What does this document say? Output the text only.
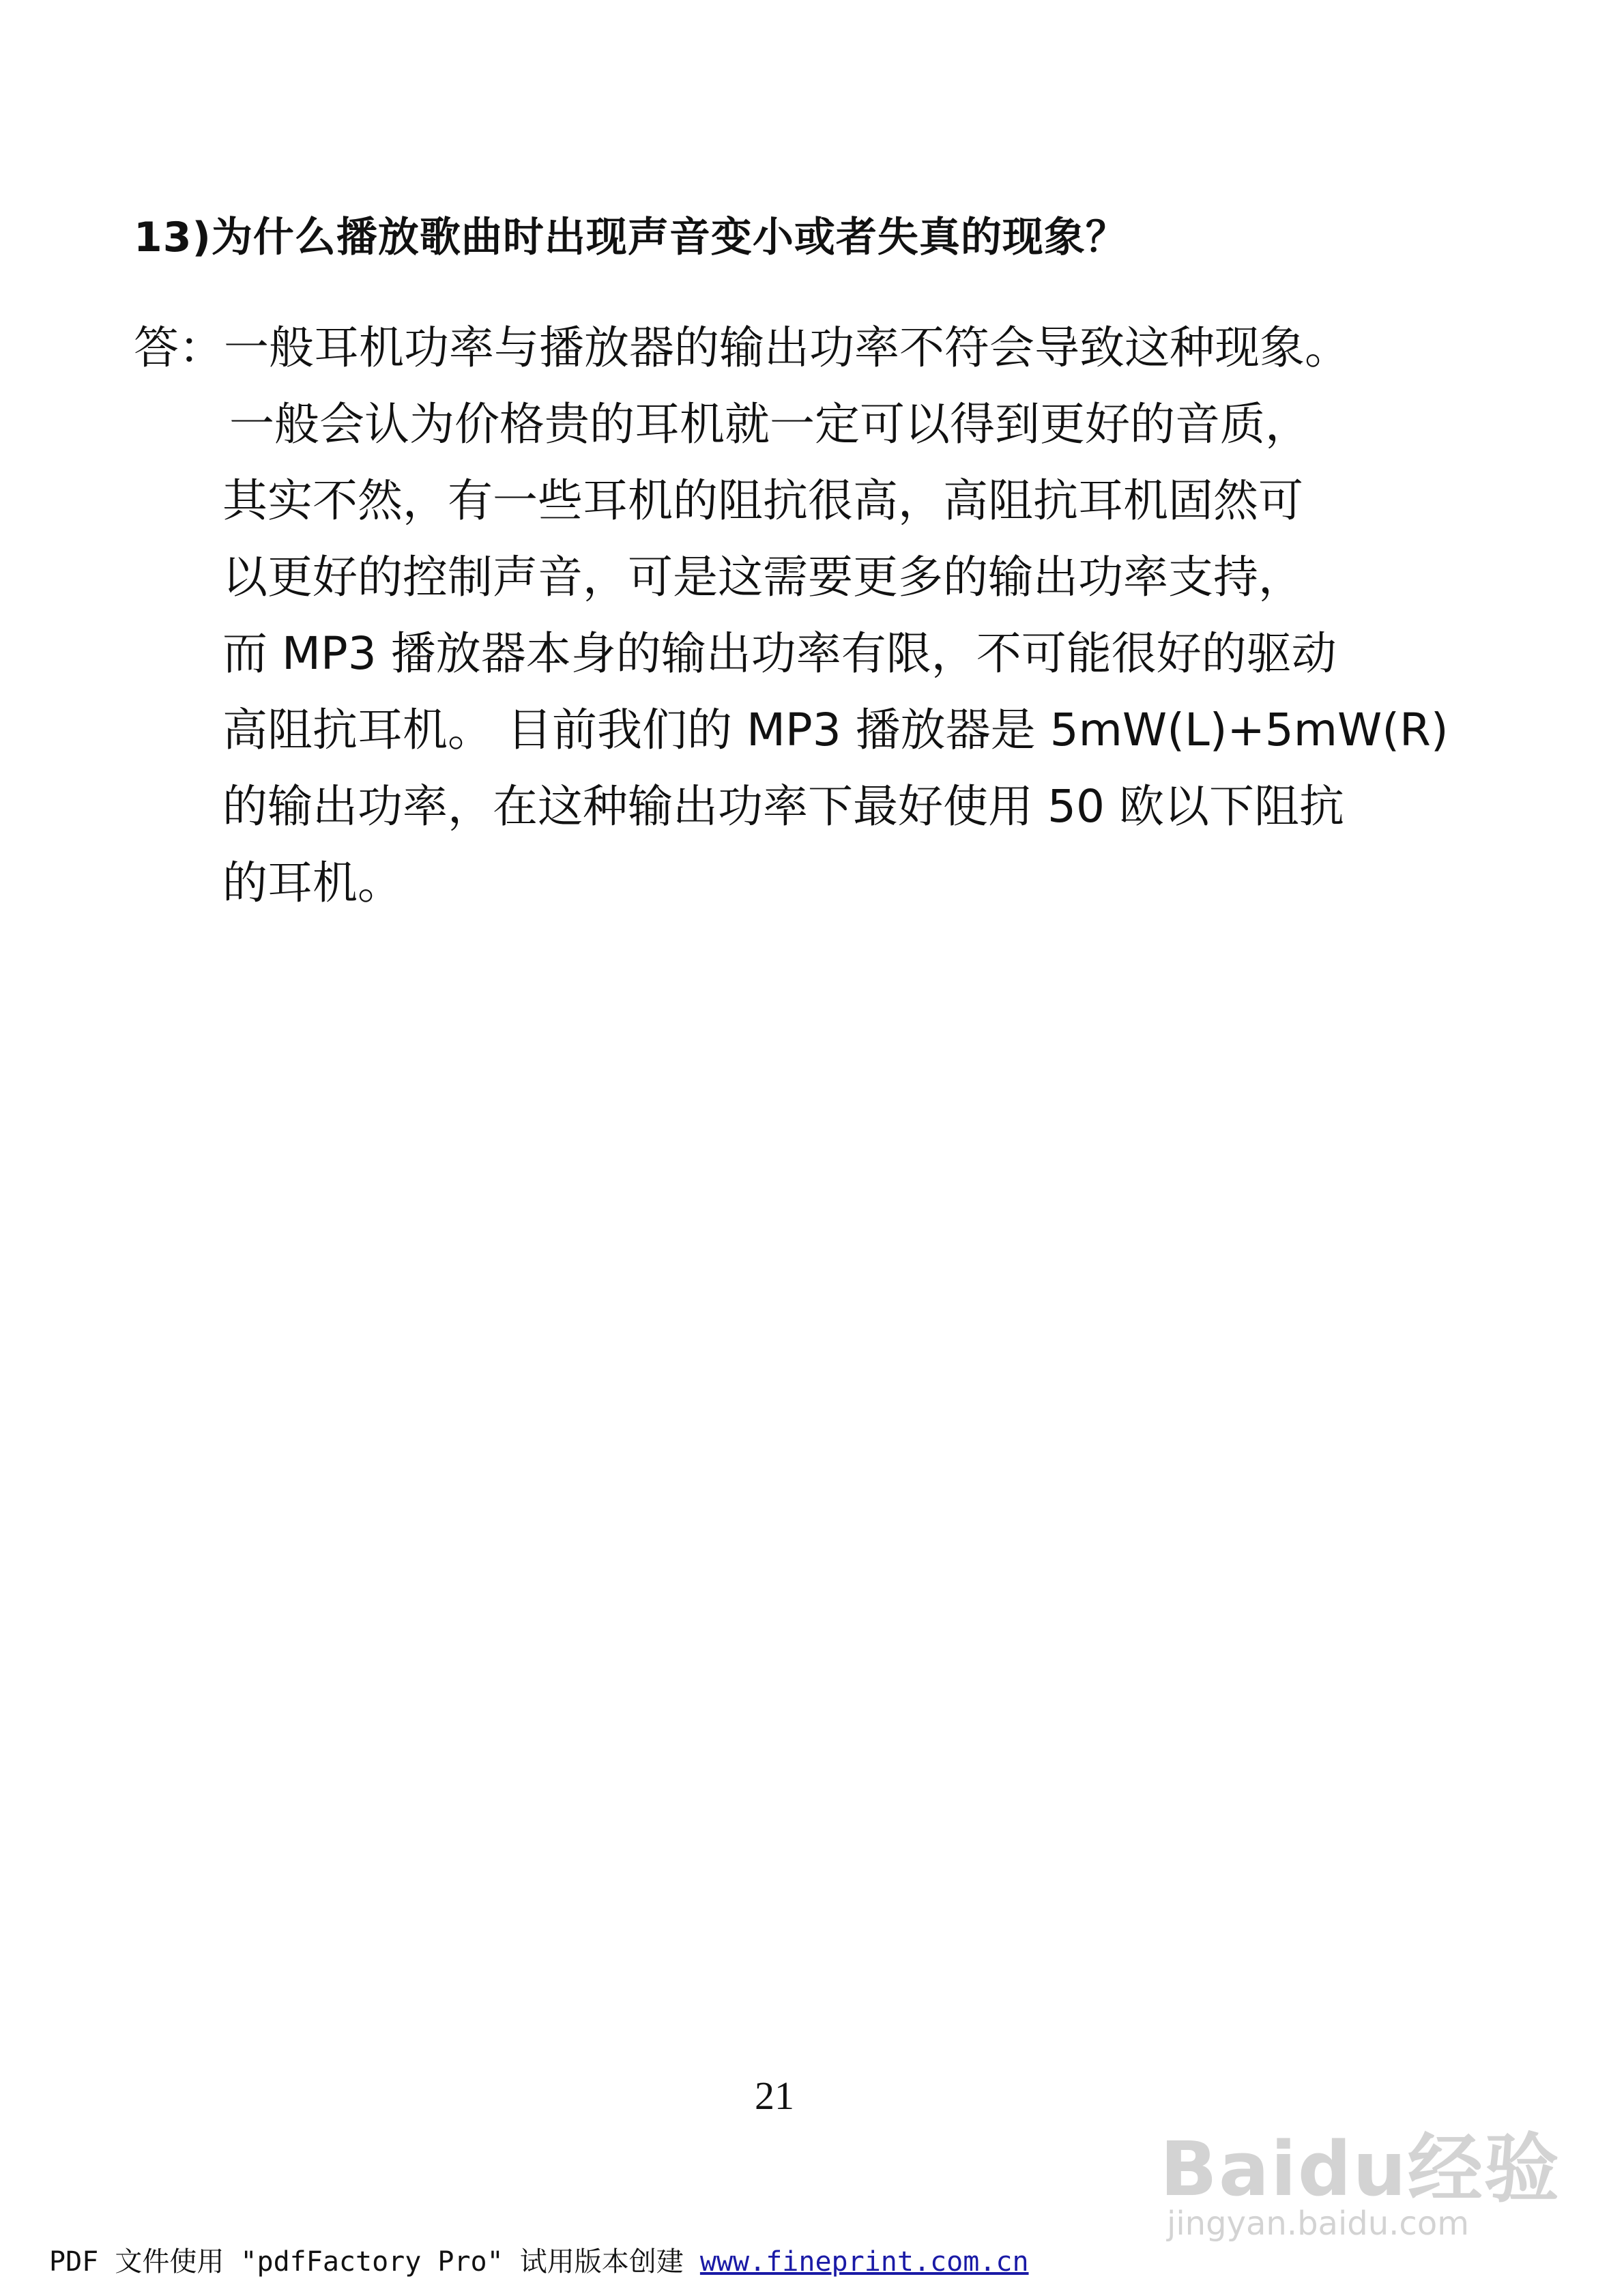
13)为什么播放歌曲时出现声音变小或者失真的现象？
答：一般耳机功率与播放器的输出功率不符会导致这种现象。
一般会认为价格贵的耳机就一定可以得到更好的音质，
其实不然，有一些耳机的阻抗很高，高阻抗耳机固然可
以更好的控制声音，可是这需要更多的输出功率支持，
而 MP3 播放器本身的输出功率有限，不可能很好的驱动
高阻抗耳机。 目前我们的 MP3 播放器是 5mW(L)+5mW(R)
的输出功率，在这种输出功率下最好使用 50 欧以下阻抗
的耳机。
21
Baidu经验
jingyan.baidu.com
PDF 文件使用 "pdfFactory Pro" 试用版本创建 www.fineprint.com.cn
